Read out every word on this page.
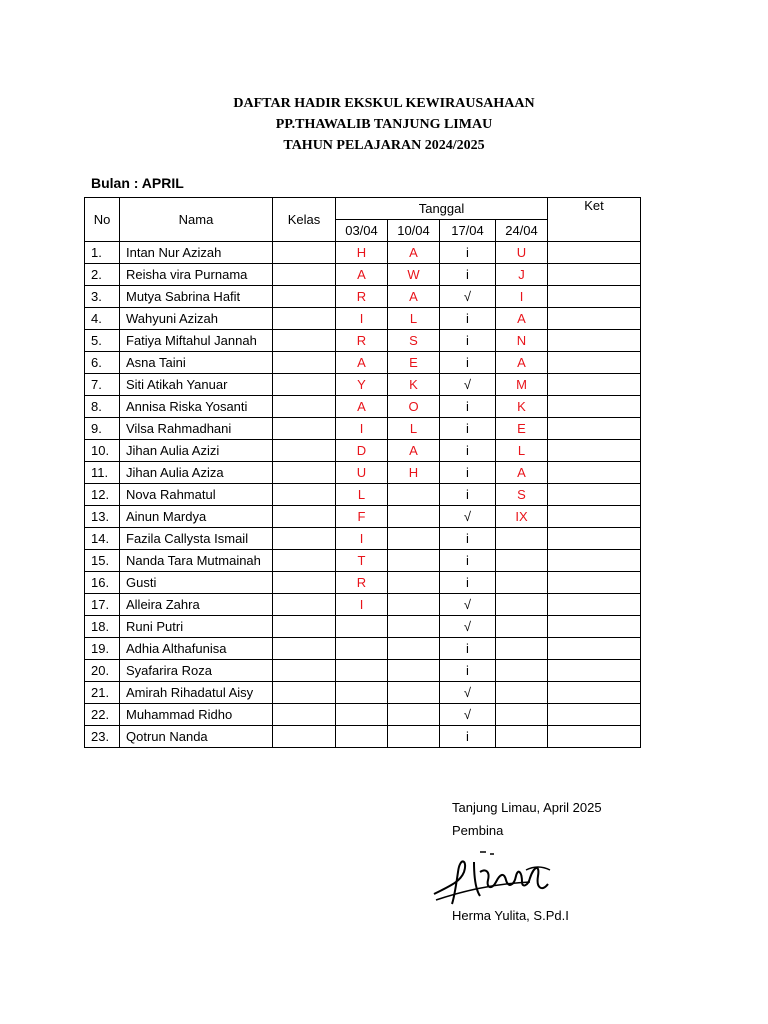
DAFTAR HADIR EKSKUL KEWIRAUSAHAAN
PP.THAWALIB TANJUNG LIMAU
TAHUN PELAJARAN 2024/2025
Bulan : APRIL
No	Nama	Kelas	Tanggal				Ket
			03/04	10/04	17/04	24/04	
1.	Intan Nur Azizah		H	A	i	U	
2.	Reisha vira Purnama		A	W	i	J	
3.	Mutya Sabrina Hafit		R	A	√	I	
4.	Wahyuni Azizah		I	L	i	A	
5.	Fatiya Miftahul Jannah		R	S	i	N	
6.	Asna Taini		A	E	i	A	
7.	Siti Atikah Yanuar		Y	K	√	M	
8.	Annisa Riska Yosanti		A	O	i	K	
9.	Vilsa Rahmadhani		I	L	i	E	
10.	Jihan Aulia Azizi		D	A	i	L	
11.	Jihan Aulia Aziza		U	H	i	A	
12.	Nova Rahmatul		L		i	S	
13.	Ainun Mardya		F		√	IX	
14.	Fazila Callysta Ismail		I		i		
15.	Nanda Tara Mutmainah		T		i		
16.	Gusti		R		i		
17.	Alleira Zahra		I		√		
18.	Runi Putri				√		
19.	Adhia Althafunisa				i		
20.	Syafarira Roza				i		
21.	Amirah Rihadatul Aisy				√		
22.	Muhammad Ridho				√		
23.	Qotrun Nanda				i		
Tanjung Limau, April 2025
Pembina
Herma Yulita, S.Pd.I
